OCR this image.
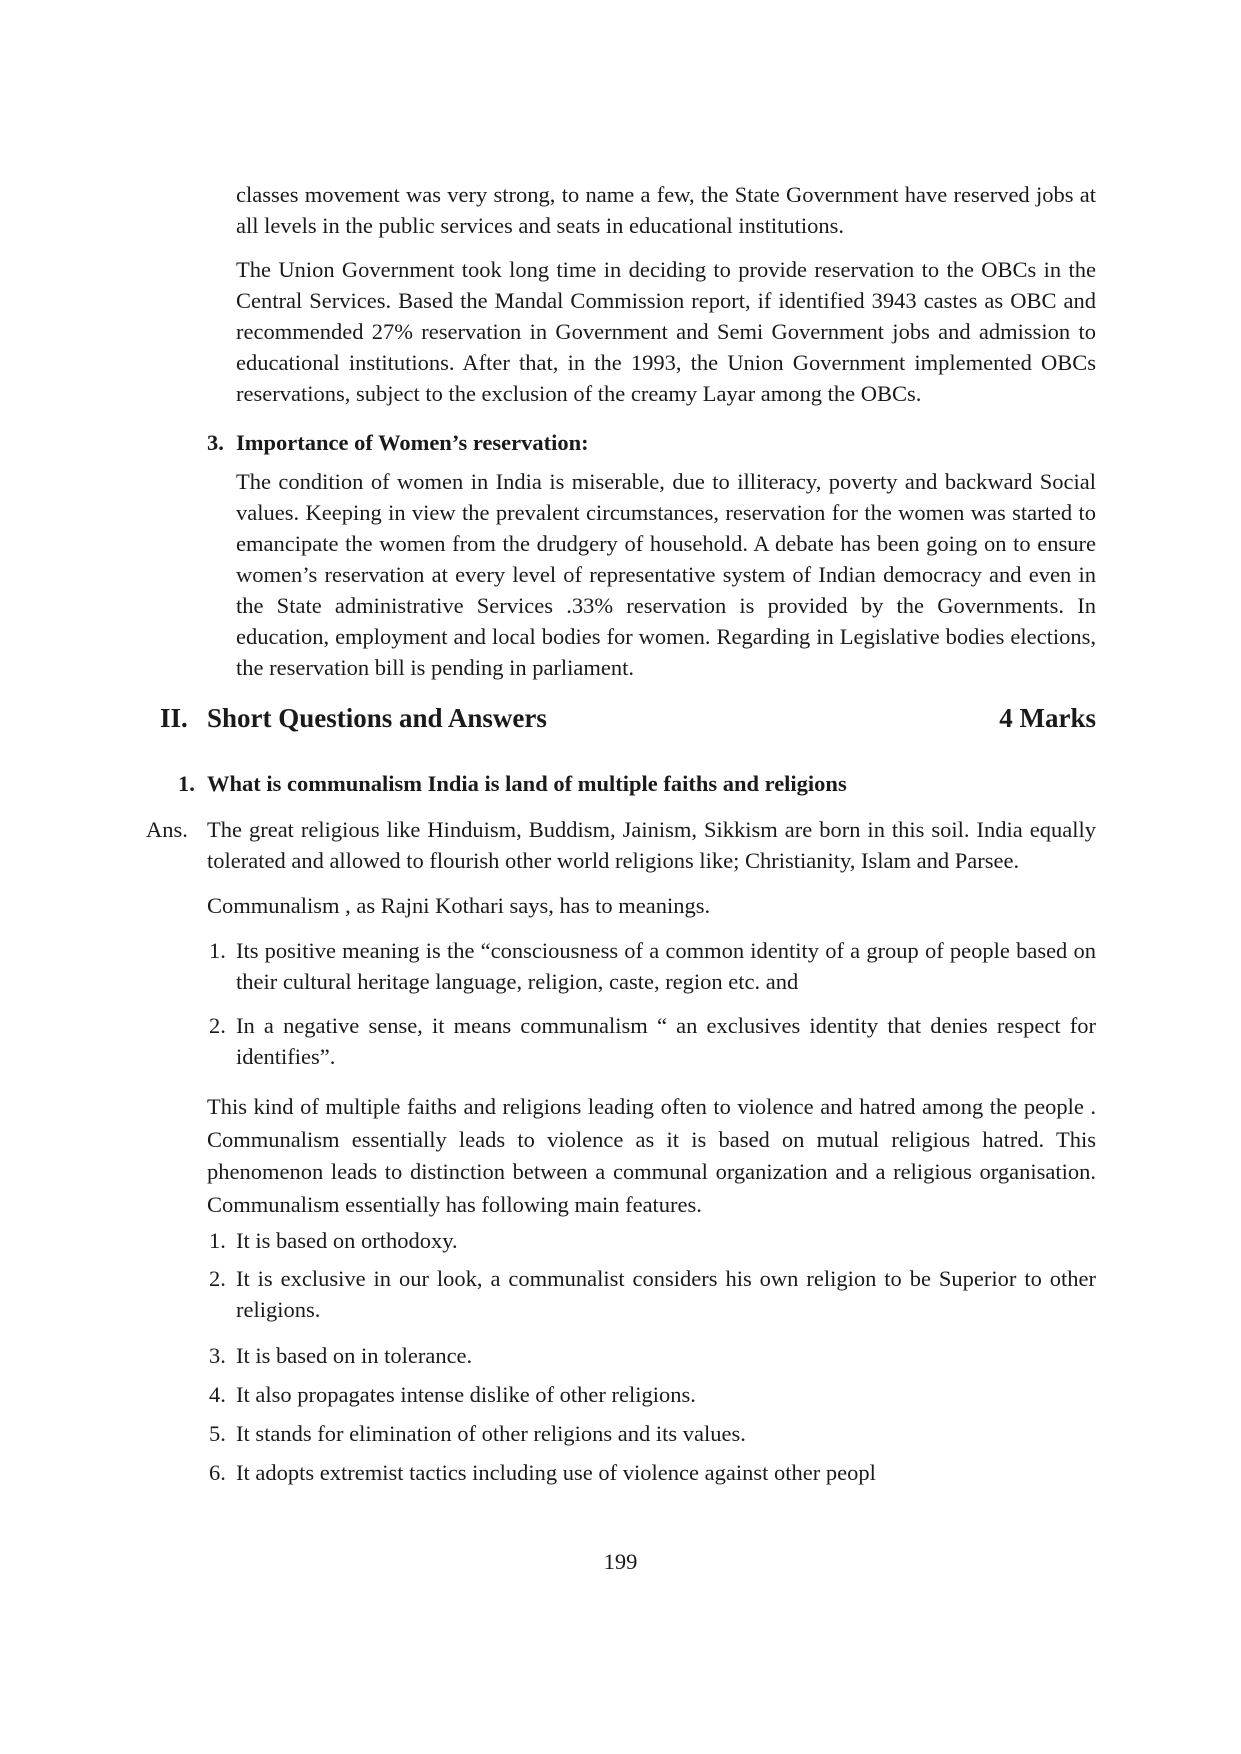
classes movement was very strong, to name a few, the State Government have reserved jobs at all levels in the public services and seats in educational institutions.

The Union Government took long time in deciding to provide reservation to the OBCs in the Central Services. Based the Mandal Commission report, if identified 3943 castes as OBC and recommended 27% reservation in Government and Semi Government jobs and admission to educational institutions. After that, in the 1993, the Union Government implemented OBCs reservations, subject to the exclusion of the creamy Layar among the OBCs.

3. Importance of Women’s reservation:

The condition of women in India is miserable, due to illiteracy, poverty and backward Social values. Keeping in view the prevalent circumstances, reservation for the women was started to emancipate the women from the drudgery of household. A debate has been going on to ensure women’s reservation at every level of representative system of Indian democracy and even in the State administrative Services .33% reservation is provided by the Governments. In education, employment and local bodies for women. Regarding in Legislative bodies elections, the reservation bill is pending in parliament.

II. Short Questions and Answers	4 Marks
1. What is communalism India is land of multiple faiths and religions
Ans. The great religious like Hinduism, Buddism, Jainism, Sikkism are born in this soil. India equally tolerated and allowed to flourish other world religions like; Christianity, Islam and Parsee.

Communalism , as Rajni Kothari says, has to meanings.

1. Its positive meaning is the “consciousness of a common identity of a group of people based on their cultural heritage language, religion, caste, region etc. and
2. In a negative sense, it means communalism “ an exclusives identity that denies respect for identifies”.

This kind of multiple faiths and religions leading often to violence and hatred among the people . Communalism essentially leads to violence as it is based on mutual religious hatred. This phenomenon leads to distinction between a communal organization and a religious organisation. Communalism essentially has following main features.

1. It is based on orthodoxy.
2. It is exclusive in our look, a communalist considers his own religion to be Superior to other religions.
3. It is based on in tolerance.
4. It also propagates intense dislike of other religions.
5. It stands for elimination of other religions and its values.
6. It adopts extremist tactics including use of violence against other peopl
199
